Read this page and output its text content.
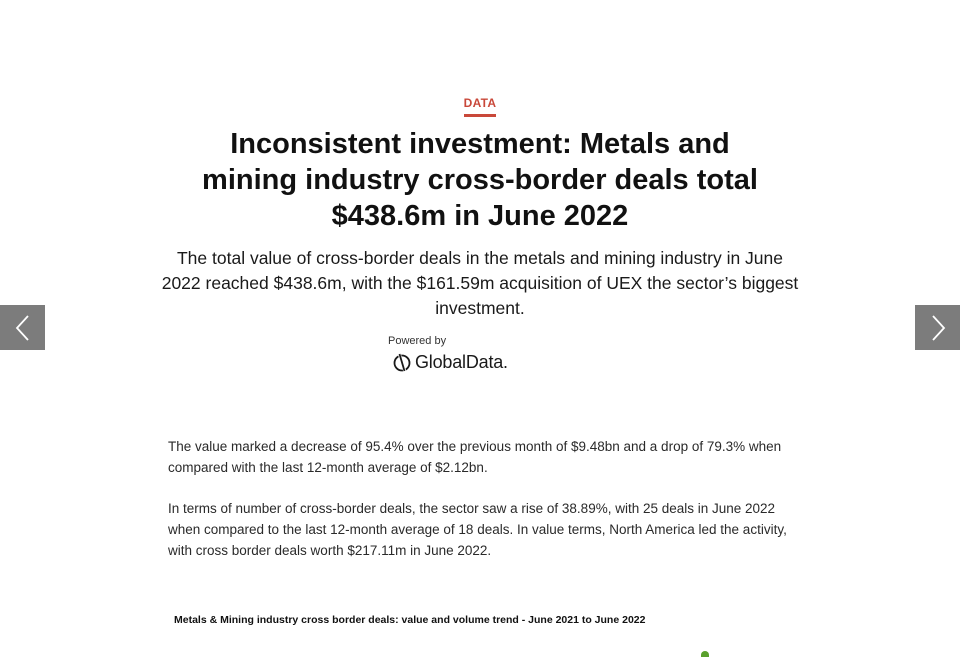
DATA
Inconsistent investment: Metals and mining industry cross-border deals total $438.6m in June 2022

The total value of cross-border deals in the metals and mining industry in June 2022 reached $438.6m, with the $161.59m acquisition of UEX the sector’s biggest investment.

Powered by
GlobalData.

The value marked a decrease of 95.4% over the previous month of $9.48bn and a drop of 79.3% when compared with the last 12-month average of $2.12bn.

In terms of number of cross-border deals, the sector saw a rise of 38.89%, with 25 deals in June 2022 when compared to the last 12-month average of 18 deals. In value terms, North America led the activity, with cross border deals worth $217.11m in June 2022.

Metals & Mining industry cross border deals: value and volume trend - June 2021 to June 2022
